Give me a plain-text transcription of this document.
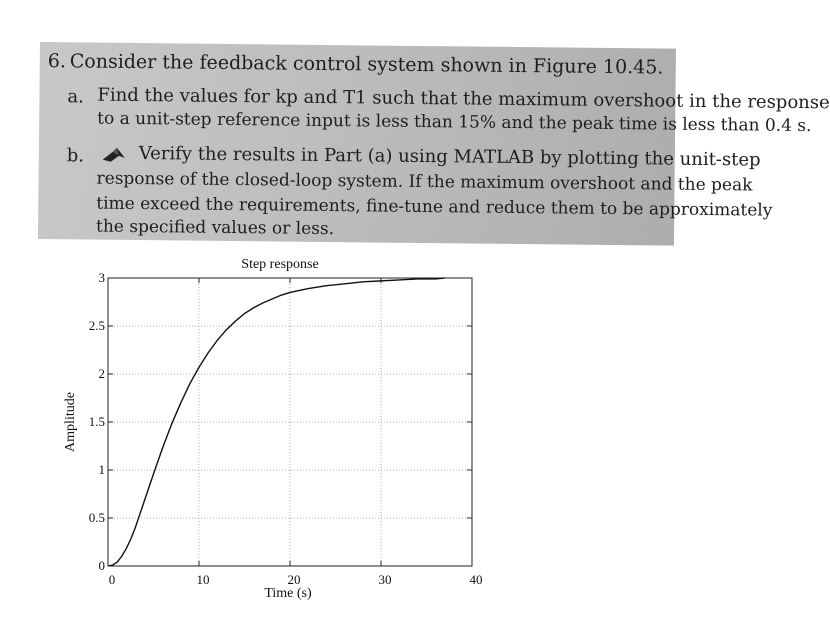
6. Consider the feedback control system shown in Figure 10.45.
a. Find the values for kp and T1 such that the maximum overshoot in the response
to a unit-step reference input is less than 15% and the peak time is less than 0.4 s.
b.	Verify the results in Part (a) using MATLAB by plotting the unit-step
response of the closed-loop system. If the maximum overshoot and the peak
time exceed the requirements, fine-tune and reduce them to be approximately
the specified values or less.
Step response
0	10	20	30	40
0
0.5
1
1.5
2
2.5
3
Time (s)
Amplitude
